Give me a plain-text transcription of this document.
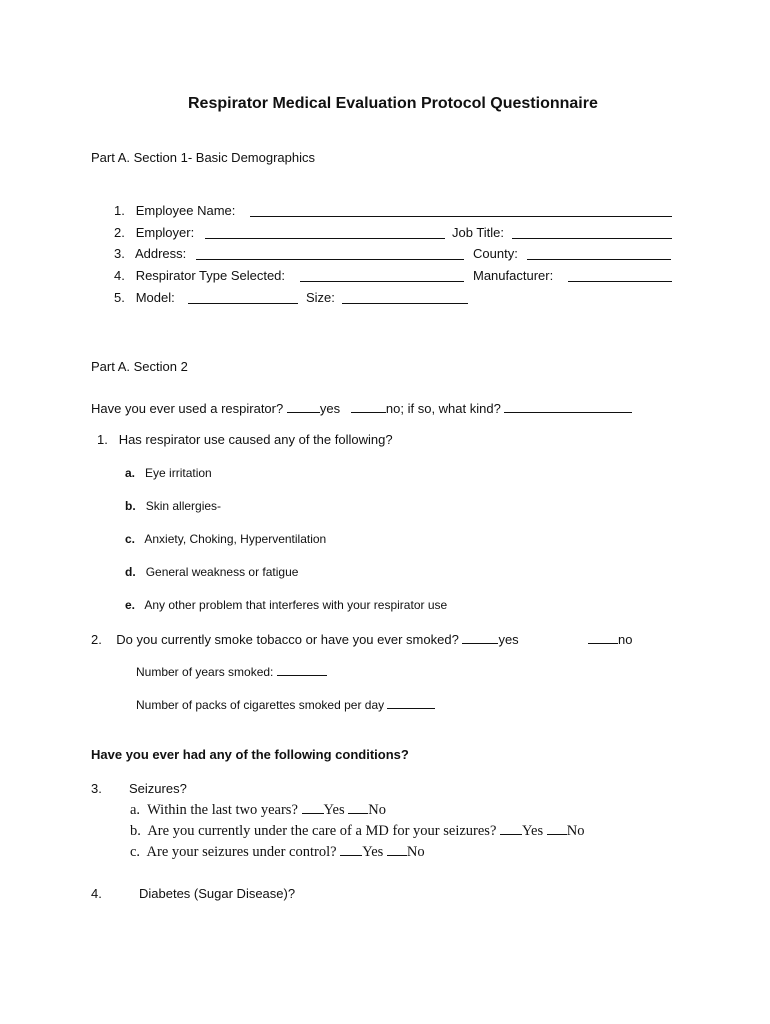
Respirator Medical Evaluation Protocol Questionnaire
Part A. Section 1- Basic Demographics
1. Employee Name:
2. Employer:	Job Title:
3. Address:	County:
4. Respirator Type Selected:	Manufacturer:
5. Model:	Size:
Part A. Section 2
Have you ever used a respirator?	yes	no; if so, what kind?
1. Has respirator use caused any of the following?
a. Eye irritation
b. Skin allergies-
c. Anxiety, Choking, Hyperventilation
d. General weakness or fatigue
e. Any other problem that interferes with your respirator use
2. Do you currently smoke tobacco or have you ever smoked?	yes	no
Number of years smoked:
Number of packs of cigarettes smoked per day
Have you ever had any of the following conditions?
3. Seizures?
a. Within the last two years? Yes No
b. Are you currently under the care of a MD for your seizures? Yes No
c. Are your seizures under control? Yes No
4.	Diabetes (Sugar Disease)?
